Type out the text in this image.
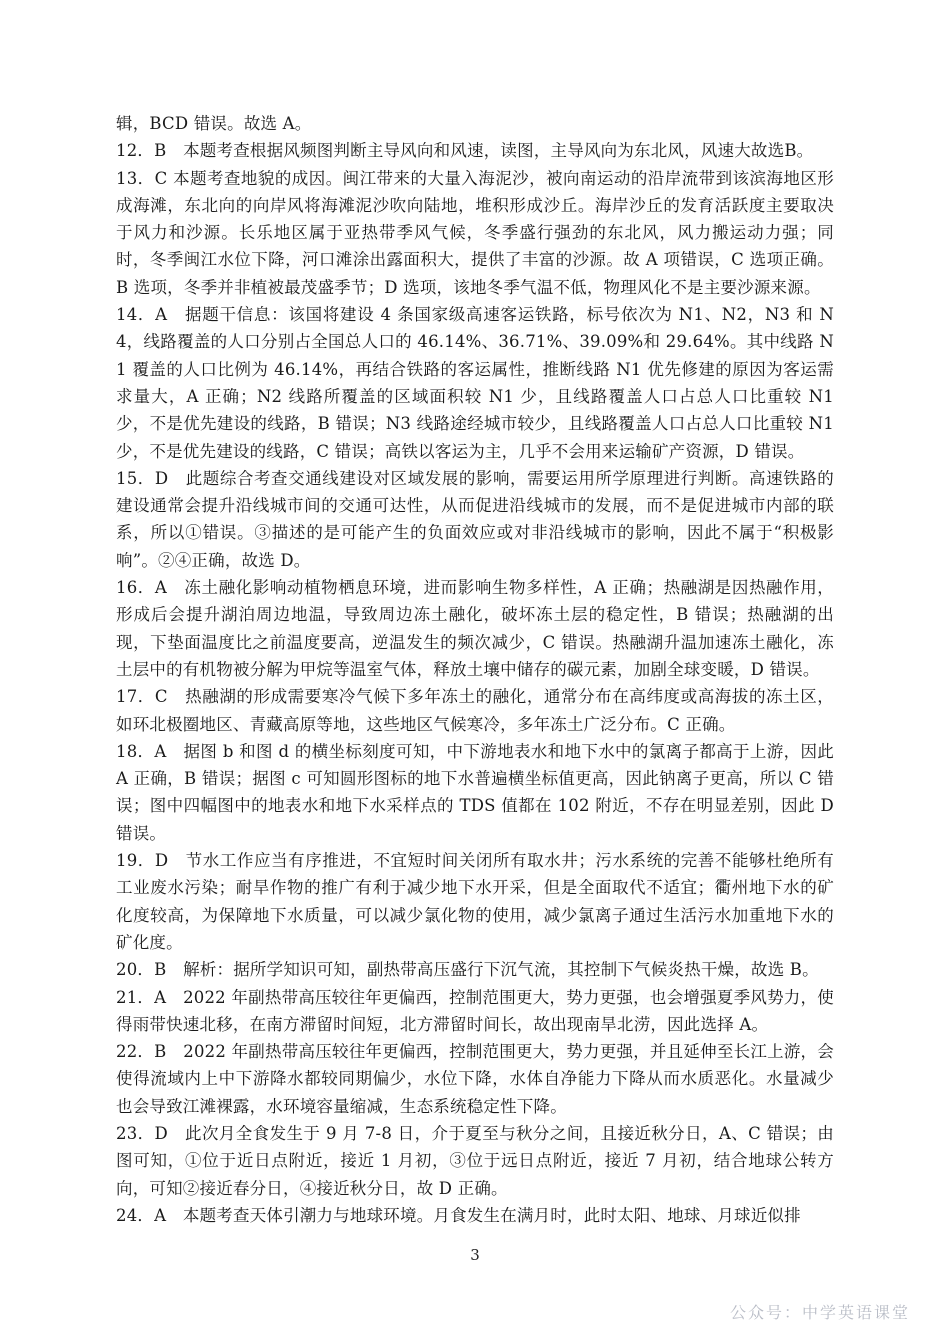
辑，BCD 错误。故选 A。

12．B　本题考查根据风频图判断主导风向和风速，读图，主导风向为东北风，风速大故选B。

13．C 本题考查地貌的成因。闽江带来的大量入海泥沙，被向南运动的沿岸流带到该滨海地区形成海滩，东北向的向岸风将海滩泥沙吹向陆地，堆积形成沙丘。海岸沙丘的发育活跃度主要取决于风力和沙源。长乐地区属于亚热带季风气候，冬季盛行强劲的东北风，风力搬运动力强；同时，冬季闽江水位下降，河口滩涂出露面积大，提供了丰富的沙源。故 A 项错误，C 选项正确。B 选项，冬季并非植被最茂盛季节；D 选项，该地冬季气温不低，物理风化不是主要沙源来源。

14．A　据题干信息：该国将建设 4 条国家级高速客运铁路，标号依次为 N1、N2，N3 和 N4，线路覆盖的人口分别占全国总人口的 46.14%、36.71%、39.09%和 29.64%。其中线路 N1 覆盖的人口比例为 46.14%，再结合铁路的客运属性，推断线路 N1 优先修建的原因为客运需求量大，A 正确；N2 线路所覆盖的区域面积较 N1 少，且线路覆盖人口占总人口比重较 N1 少，不是优先建设的线路，B 错误；N3 线路途经城市较少，且线路覆盖人口占总人口比重较 N1 少，不是优先建设的线路，C 错误；高铁以客运为主，几乎不会用来运输矿产资源，D 错误。

15．D　此题综合考查交通线建设对区域发展的影响，需要运用所学原理进行判断。高速铁路的建设通常会提升沿线城市间的交通可达性，从而促进沿线城市的发展，而不是促进城市内部的联系，所以①错误。③描述的是可能产生的负面效应或对非沿线城市的影响，因此不属于“积极影响”。②④正确，故选 D。

16．A　冻土融化影响动植物栖息环境，进而影响生物多样性，A 正确；热融湖是因热融作用，形成后会提升湖泊周边地温，导致周边冻土融化，破坏冻土层的稳定性，B 错误；热融湖的出现，下垫面温度比之前温度要高，逆温发生的频次减少，C 错误。热融湖升温加速冻土融化，冻土层中的有机物被分解为甲烷等温室气体，释放土壤中储存的碳元素，加剧全球变暖，D 错误。

17．C　热融湖的形成需要寒冷气候下多年冻土的融化，通常分布在高纬度或高海拔的冻土区，如环北极圈地区、青藏高原等地，这些地区气候寒冷，多年冻土广泛分布。C 正确。

18．A　据图 b 和图 d 的横坐标刻度可知，中下游地表水和地下水中的氯离子都高于上游，因此 A 正确，B 错误；据图 c 可知圆形图标的地下水普遍横坐标值更高，因此钠离子更高，所以 C 错误；图中四幅图中的地表水和地下水采样点的 TDS 值都在 102 附近，不存在明显差别，因此 D 错误。

19．D　节水工作应当有序推进，不宜短时间关闭所有取水井；污水系统的完善不能够杜绝所有工业废水污染；耐旱作物的推广有利于减少地下水开采，但是全面取代不适宜；衢州地下水的矿化度较高，为保障地下水质量，可以减少氯化物的使用，减少氯离子通过生活污水加重地下水的矿化度。

20．B　解析：据所学知识可知，副热带高压盛行下沉气流，其控制下气候炎热干燥，故选 B。

21．A　2022 年副热带高压较往年更偏西，控制范围更大，势力更强，也会增强夏季风势力，使得雨带快速北移，在南方滞留时间短，北方滞留时间长，故出现南旱北涝，因此选择 A。

22．B　2022 年副热带高压较往年更偏西，控制范围更大，势力更强，并且延伸至长江上游，会使得流域内上中下游降水都较同期偏少，水位下降，水体自净能力下降从而水质恶化。水量减少也会导致江滩裸露，水环境容量缩减，生态系统稳定性下降。

23．D　此次月全食发生于 9 月 7-8 日，介于夏至与秋分之间，且接近秋分日，A、C 错误；由图可知，①位于近日点附近，接近 1 月初，③位于远日点附近，接近 7 月初，结合地球公转方向，可知②接近春分日，④接近秋分日，故 D 正确。

24．A　本题考查天体引潮力与地球环境。月食发生在满月时，此时太阳、地球、月球近似排

3
公众号：中学英语课堂
